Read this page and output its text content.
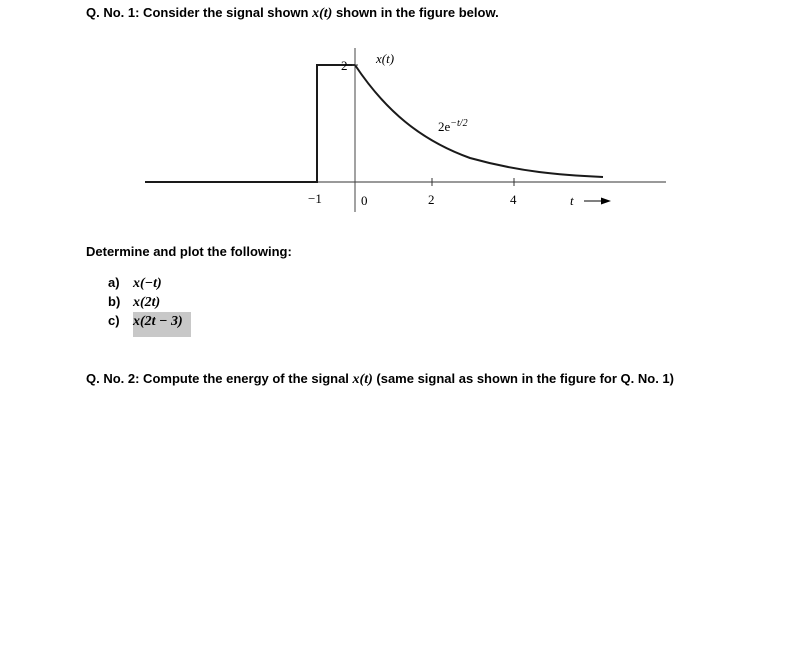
Q. No. 1: Consider the signal shown x(t) shown in the figure below.
2 x(t)
$2e^{-t/2}$
−1	0	2	4	t
Determine and plot the following:
a) x(−t)
b) x(2t)
c) x(2t − 3)
Q. No. 2: Compute the energy of the signal x(t) (same signal as shown in the figure for Q. No. 1)
